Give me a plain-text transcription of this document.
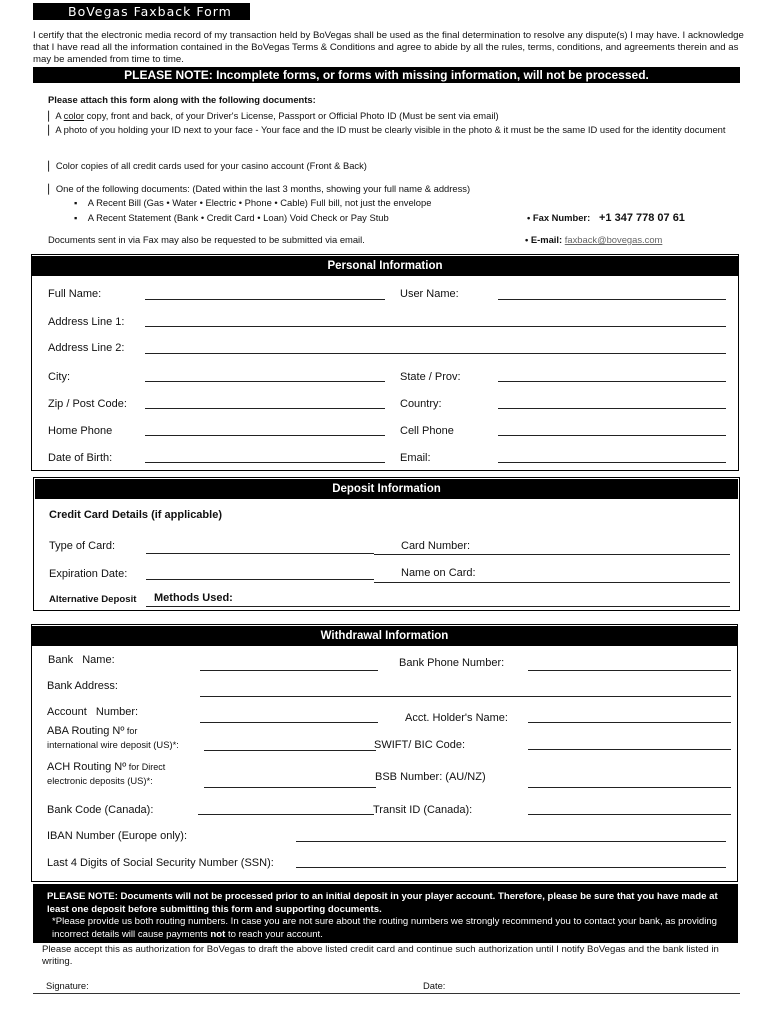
BoVegas Faxback Form
I certify that the electronic media record of my transaction held by BoVegas shall be used as the final determination to resolve any dispute(s) I may have. I acknowledge that I have read all the information contained in the BoVegas Terms & Conditions and agree to abide by all the rules, terms, conditions, and agreements therein and as may be amended from time to time.
PLEASE NOTE: Incomplete forms, or forms with missing information, will not be processed.
Please attach this form along with the following documents:
❘ A color copy, front and back, of your Driver's License, Passport or Official Photo ID (Must be sent via email)
❘ A photo of you holding your ID next to your face - Your face and the ID must be clearly visible in the photo & it must be the same ID used for the identity document
❘ Color copies of all credit cards used for your casino account (Front & Back)
❘ One of the following documents: (Dated within the last 3 months, showing your full name & address)
▪ A Recent Bill (Gas • Water • Electric • Phone • Cable) Full bill, not just the envelope
▪ A Recent Statement (Bank • Credit Card • Loan) Void Check or Pay Stub	• Fax Number: +1 347 778 07 61
Documents sent in via Fax may also be requested to be submitted via email.	• E-mail: faxback@bovegas.com
Personal Information
Full Name:	User Name:
Address Line 1:
Address Line 2:
City:	State / Prov:
Zip / Post Code:	Country:
Home Phone	Cell Phone
Date of Birth:	Email:
Deposit Information
Credit Card Details (if applicable)
Type of Card:	Card Number:
Expiration Date:	Name on Card:
Alternative Deposit Methods Used:
Withdrawal Information
Bank   Name:	Bank Phone Number:
Bank Address:
Account   Number:	Acct. Holder's Name:
ABA Routing Nº for
international wire deposit (US)*:	SWIFT/ BIC Code:
ACH Routing Nº for Direct
electronic deposits (US)*:	BSB Number: (AU/NZ)
Bank Code (Canada):	Transit ID (Canada):
IBAN Number (Europe only):
Last 4 Digits of Social Security Number (SSN):
PLEASE NOTE: Documents will not be processed prior to an initial deposit in your player account. Therefore, please be sure that you have made at least one deposit before submitting this form and supporting documents.
*Please provide us both routing numbers. In case you are not sure about the routing numbers we strongly recommend you to contact your bank, as providing incorrect details will cause payments not to reach your account.
Please accept this as authorization for BoVegas to draft the above listed credit card and continue such authorization until I notify BoVegas and the bank listed in writing.
Signature:	Date:
